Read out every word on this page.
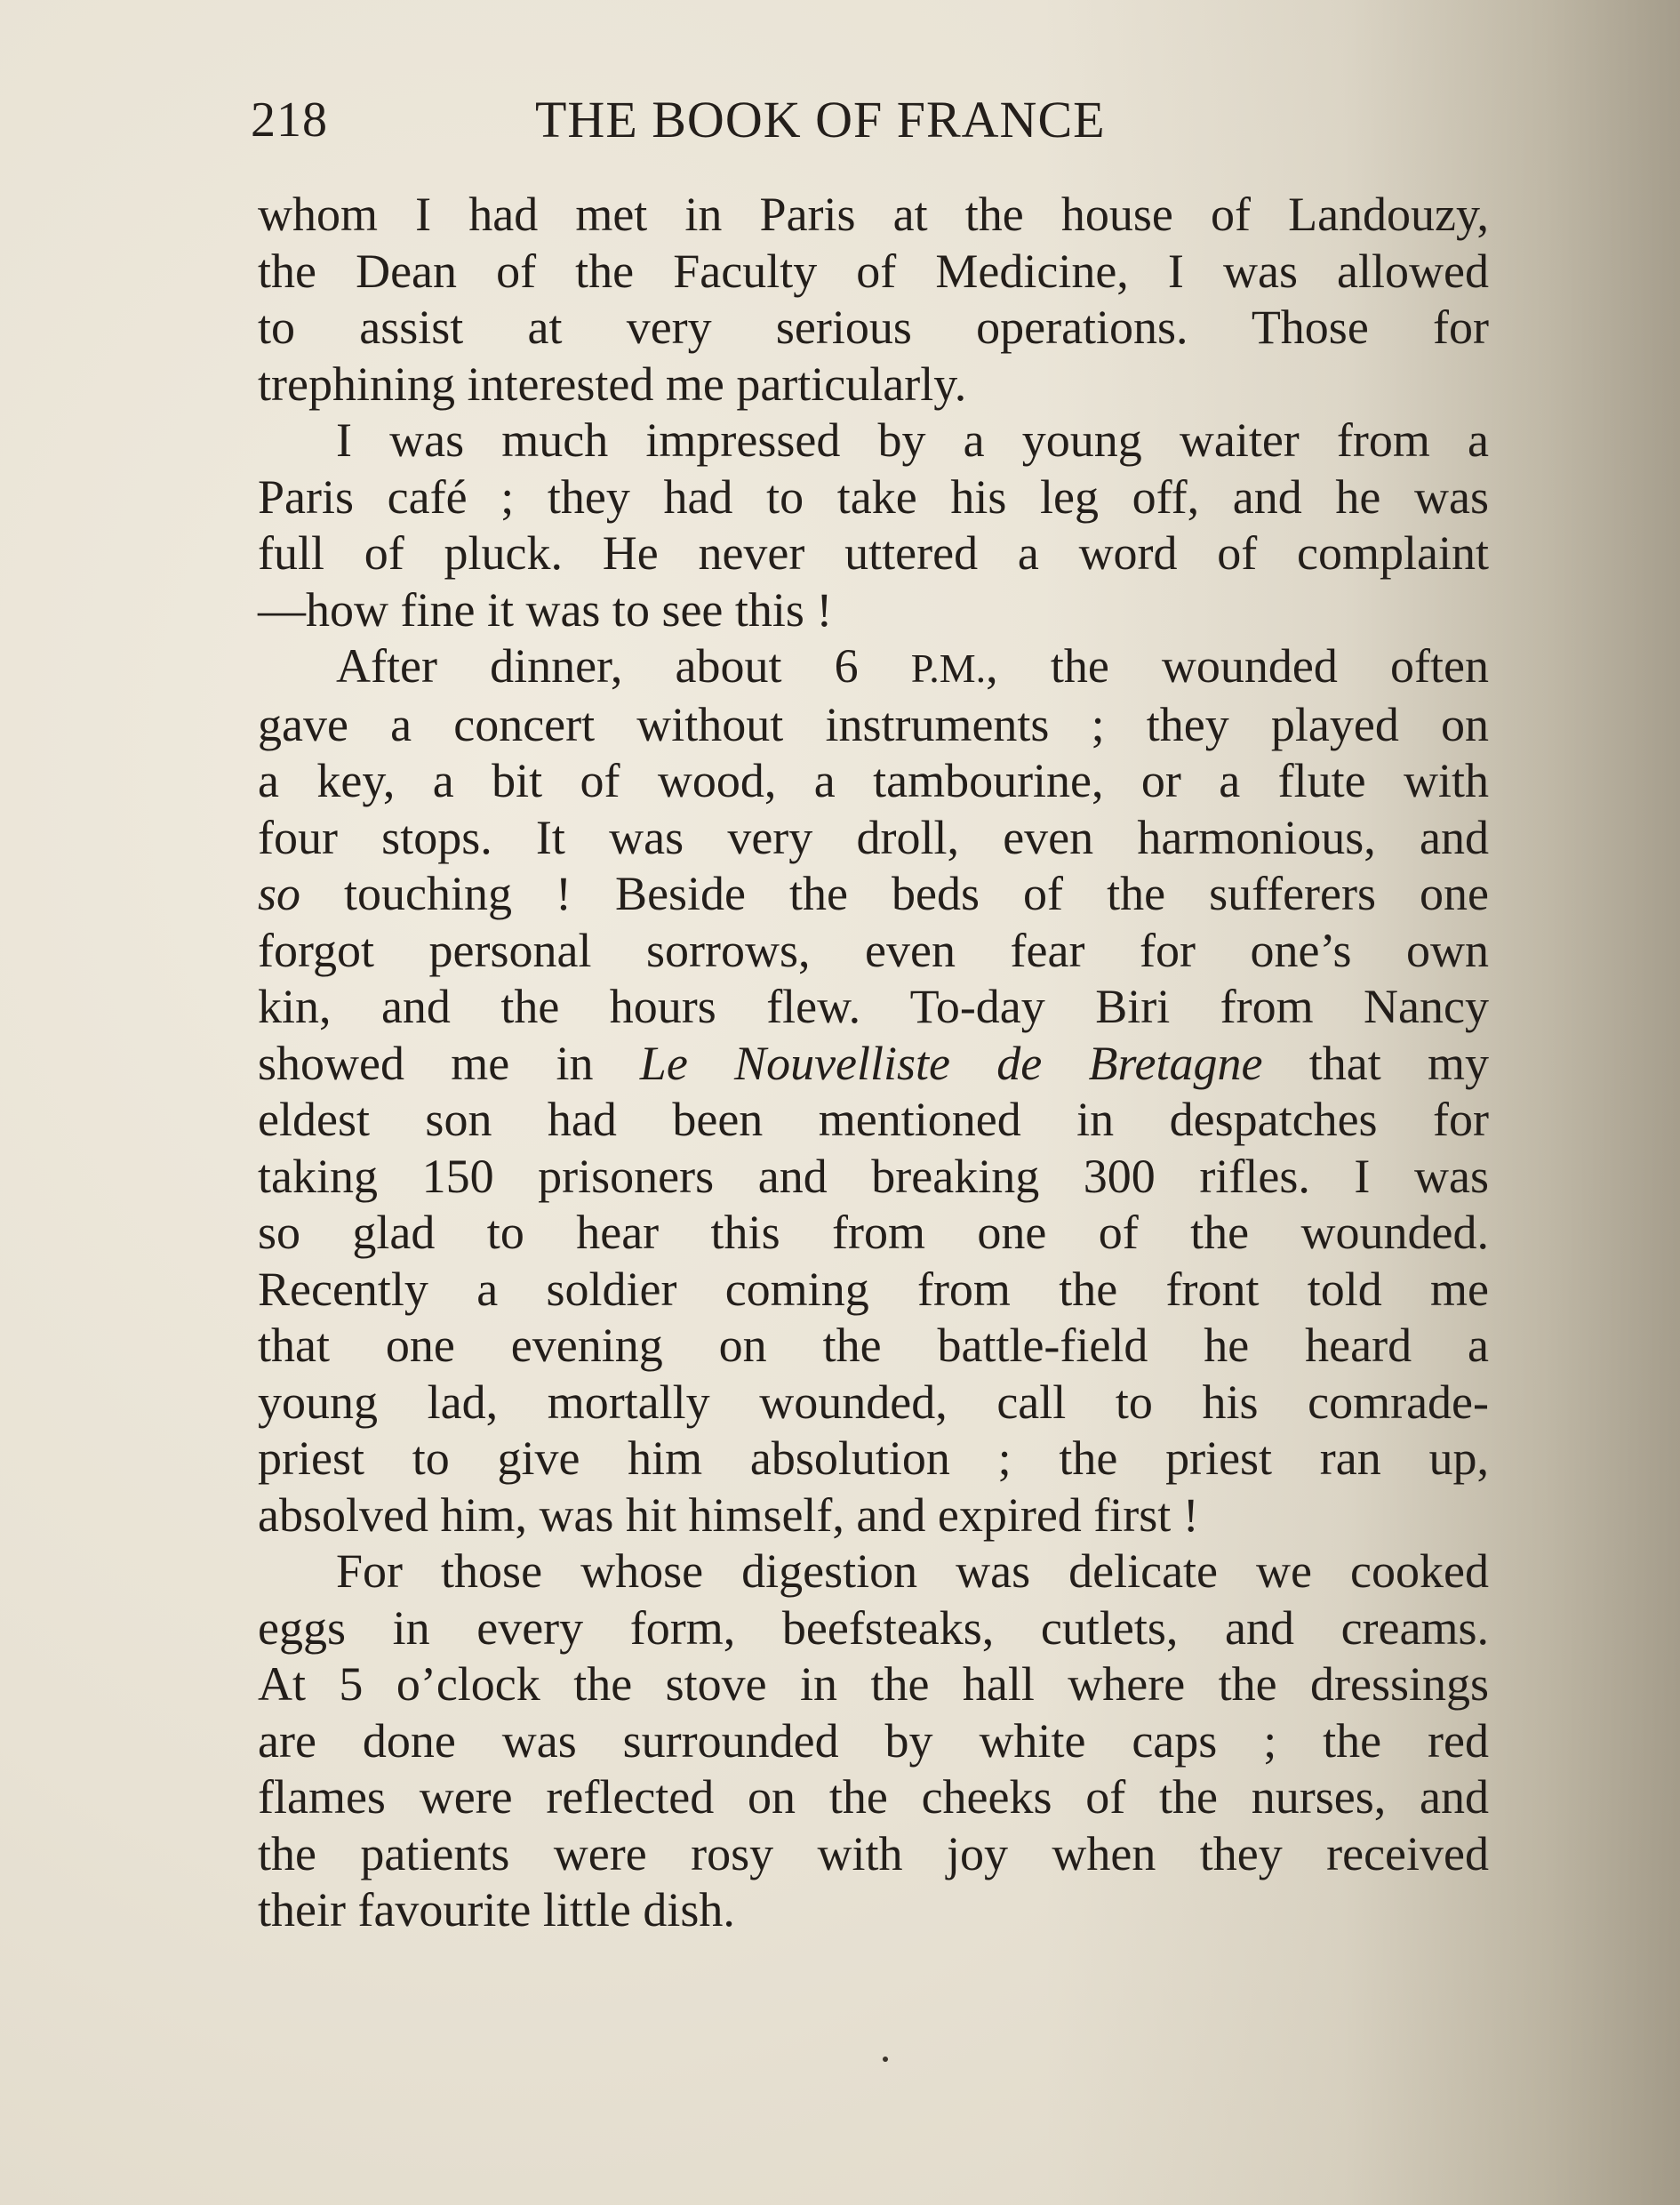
218	THE BOOK OF FRANCE

whom I had met in Paris at the house of Landouzy,
the Dean of the Faculty of Medicine, I was allowed
to assist at very serious operations. Those for
trephining interested me particularly.

I was much impressed by a young waiter from a
Paris café ; they had to take his leg off, and he was
full of pluck. He never uttered a word of complaint
—how fine it was to see this !

After dinner, about 6 P.M., the wounded often
gave a concert without instruments ; they played on
a key, a bit of wood, a tambourine, or a flute with
four stops. It was very droll, even harmonious, and
so touching ! Beside the beds of the sufferers one
forgot personal sorrows, even fear for one’s own
kin, and the hours flew. To-day Biri from Nancy
showed me in Le Nouvelliste de Bretagne that my
eldest son had been mentioned in despatches for
taking 150 prisoners and breaking 300 rifles. I was
so glad to hear this from one of the wounded.
Recently a soldier coming from the front told me
that one evening on the battle-field he heard a
young lad, mortally wounded, call to his comrade-
priest to give him absolution ; the priest ran up,
absolved him, was hit himself, and expired first !

For those whose digestion was delicate we cooked
eggs in every form, beefsteaks, cutlets, and creams.
At 5 o’clock the stove in the hall where the dressings
are done was surrounded by white caps ; the red
flames were reflected on the cheeks of the nurses, and
the patients were rosy with joy when they received
their favourite little dish.
